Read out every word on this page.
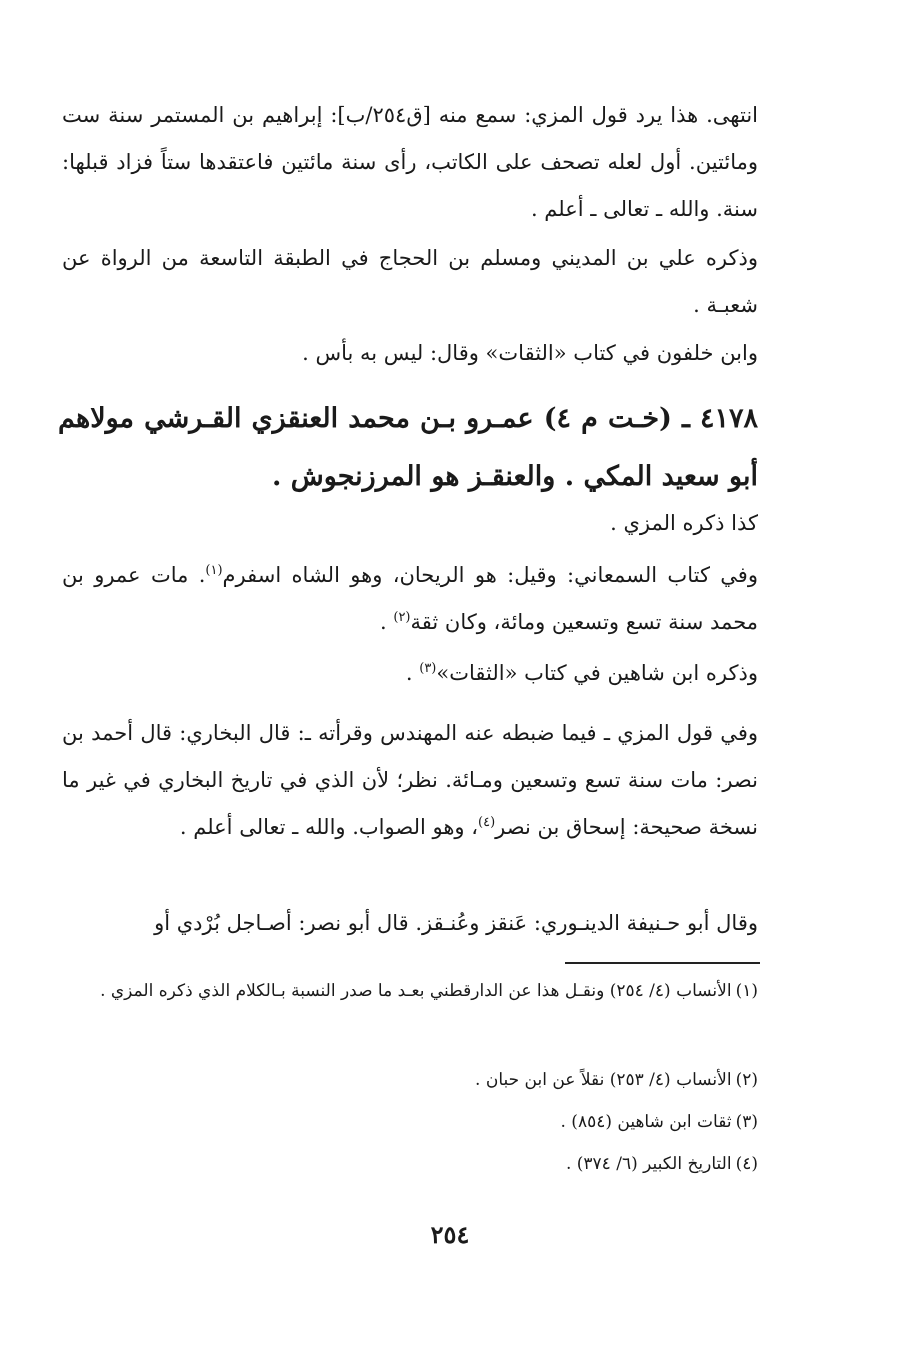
انتهى. هذا يرد قول المزي: سمع منه [ق٢٥٤/ب]: إبراهيم بن المستمر سنة ست ومائتين. أول لعله تصحف على الكاتب، رأى سنة مائتين فاعتقدها ستاً فزاد قبلها: سنة. والله ـ تعالى ـ أعلم .

وذكره علي بن المديني ومسلم بن الحجاج في الطبقة التاسعة من الرواة عن شعبـة .

وابن خلفون في كتاب «الثقات» وقال: ليس به بأس .

٤١٧٨ ـ (خـت م ٤) عمـرو بـن محمد العنقزي القـرشي مولاهم أبو سعيد المكي . والعنقـز هو المرزنجوش .

كذا ذكره المزي .

وفي كتاب السمعاني: وقيل: هو الريحان، وهو الشاه اسفرم$^{(١)}$. مات عمرو بن محمد سنة تسع وتسعين ومائة، وكان ثقة$^{(٢)}$ .

وذكره ابن شاهين في كتاب «الثقات»$^{(٣)}$ .

وفي قول المزي ـ فيما ضبطه عنه المهندس وقرأته ـ: قال البخاري: قال أحمد بن نصر: مات سنة تسع وتسعين ومـائة. نظر؛ لأن الذي في تاريخ البخاري في غير ما نسخة صحيحة: إسحاق بن نصر$^{(٤)}$، وهو الصواب. والله ـ تعالى أعلم .

وقال أبو حـنيفة الدينـوري: عَنقز وعُنـقز. قال أبو نصر: أصـاجل بُرْدي أو

(١)الأنساب (٤/ ٢٥٤) ونقـل هذا عن الدارقطني بعـد ما صدر النسبة بـالكلام الذي ذكره المزي .

(٢)الأنساب (٤/ ٢٥٣) نقلاً عن ابن حبان .

(٣)ثقات ابن شاهين (٨٥٤) .

(٤)التاريخ الكبير (٦/ ٣٧٤) .

٢٥٤
